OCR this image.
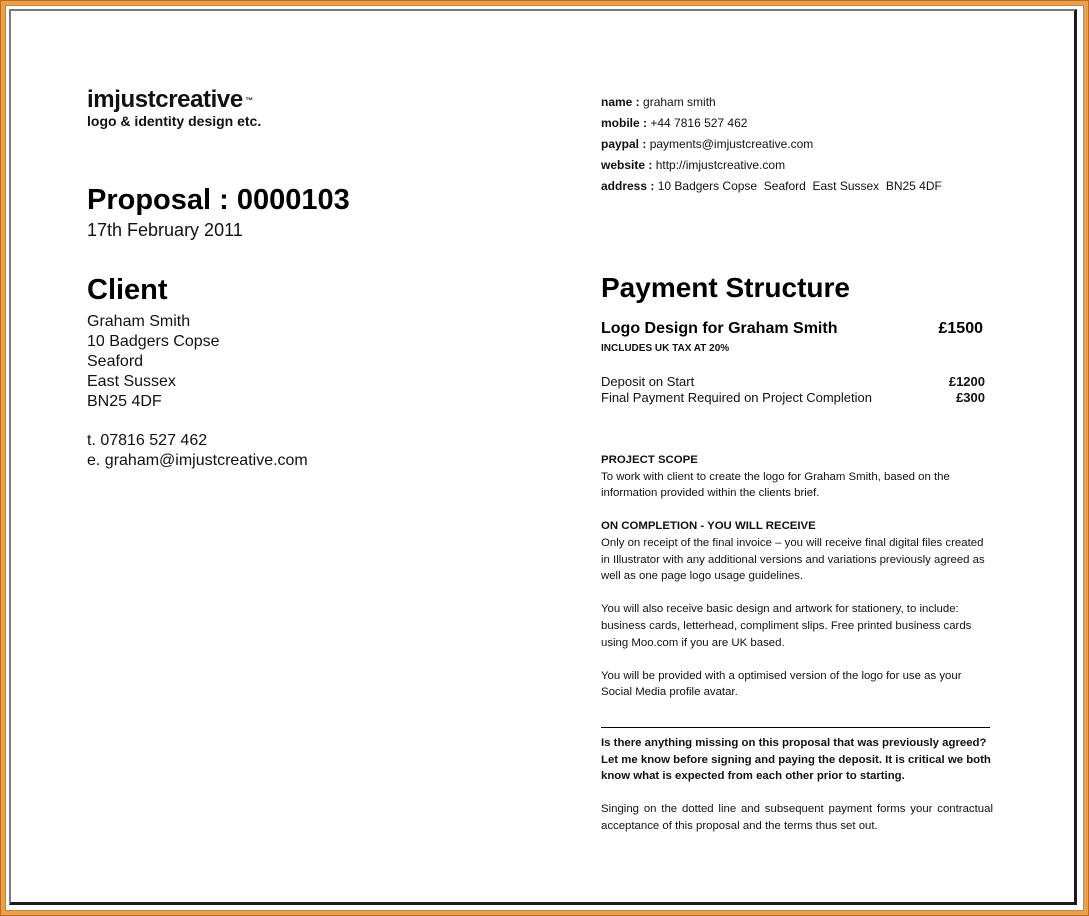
imjustcreative ™
logo & identity design etc.
Proposal : 0000103
17th February 2011
Client
Graham Smith
10 Badgers Copse
Seaford
East Sussex
BN25 4DF
t. 07816 527 462
e. graham@imjustcreative.com
name : graham smith
mobile : +44 7816 527 462
paypal : payments@imjustcreative.com
website : http://imjustcreative.com
address : 10 Badgers Copse  Seaford  East Sussex  BN25 4DF
Payment Structure
Logo Design for Graham Smith	£1500
INCLUDES UK TAX AT 20%
Deposit on Start	£1200
Final Payment Required on Project Completion	£300
PROJECT SCOPE

To work with client to create the logo for Graham Smith, based on the information provided within the clients brief.

ON COMPLETION - YOU WILL RECEIVE

Only on receipt of the final invoice – you will receive final digital files created in Illustrator with any additional versions and variations previously agreed as well as one page logo usage guidelines.

You will also receive basic design and artwork for stationery, to include: business cards, letterhead, compliment slips. Free printed business cards using Moo.com if you are UK based.

You will be provided with a optimised version of the logo for use as your Social Media profile avatar.

Is there anything missing on this proposal that was previously agreed? Let me know before signing and paying the deposit. It is critical we both know what is expected from each other prior to starting.
Singing on the dotted line and subsequent payment forms your contractual acceptance of this proposal and the terms thus set out.
